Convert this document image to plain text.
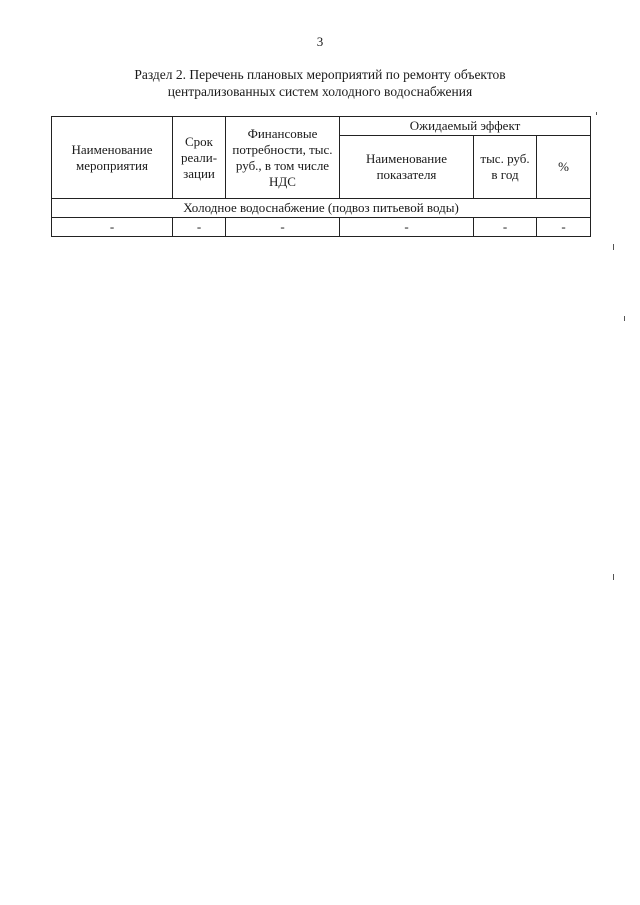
3
Раздел 2. Перечень плановых мероприятий по ремонту объектов
централизованных систем холодного водоснабжения
Наименование мероприятия	Срок реали-зации	Финансовые потребности, тыс. руб., в том числе НДС	Ожидаемый эффект		
			Наименование показателя	тыс. руб. в год	%
Холодное водоснабжение (подвоз питьевой воды)					
-	-	-	-	-	-
